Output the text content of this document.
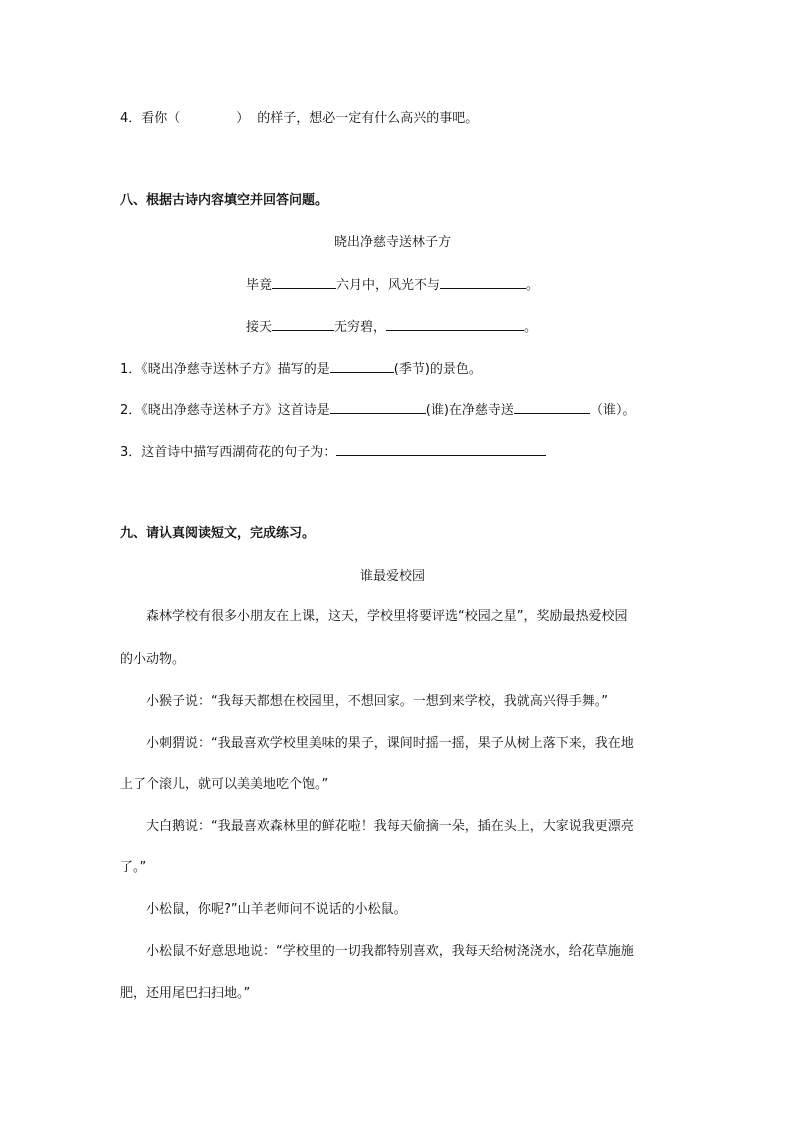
4．看你（	） 的样子，想必一定有什么高兴的事吧。
八、根据古诗内容填空并回答问题。
晓出净慈寺送林子方
毕竟	六月中，风光不与	。
接天	无穷碧，	。
1．《晓出净慈寺送林子方》描写的是	(季节)的景色。
2．《晓出净慈寺送林子方》这首诗是	(谁)在净慈寺送	（谁）。
3．这首诗中描写西湖荷花的句子为：
九、请认真阅读短文，完成练习。
谁最爱校园
森林学校有很多小朋友在上课，这天，学校里将要评选“校园之星”，奖励最热爱校园
的小动物。
小猴子说：“我每天都想在校园里，不想回家。一想到来学校，我就高兴得手舞。”
小刺猬说：“我最喜欢学校里美味的果子，课间时摇一摇，果子从树上落下来，我在地
上了个滚儿，就可以美美地吃个饱。”
大白鹅说：“我最喜欢森林里的鲜花啦！我每天偷摘一朵，插在头上，大家说我更漂亮
了。”
小松鼠，你呢?”山羊老师问不说话的小松鼠。
小松鼠不好意思地说：“学校里的一切我都特别喜欢，我每天给树浇浇水，给花草施施
肥，还用尾巴扫扫地。”
